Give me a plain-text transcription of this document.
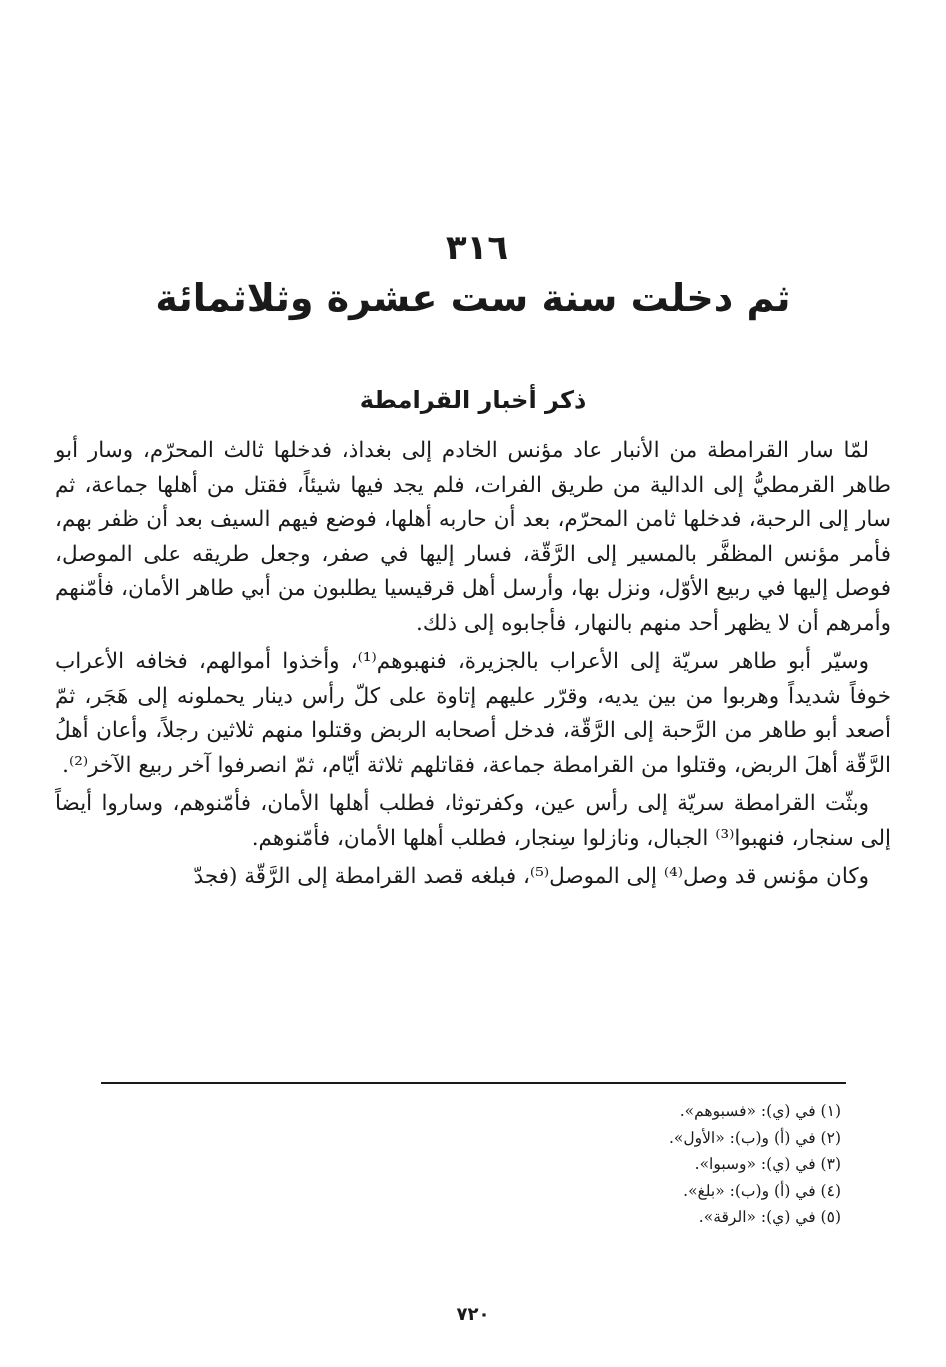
٣١٦
ثم دخلت سنة ست عشرة وثلاثمائة
ذكر أخبار القرامطة

لمّا سار القرامطة من الأنبار عاد مؤنس الخادم إلى بغداذ، فدخلها ثالث المحرّم، وسار أبو طاهر القرمطيُّ إلى الدالية من طريق الفرات، فلم يجد فيها شيئاً، فقتل من أهلها جماعة، ثم سار إلى الرحبة، فدخلها ثامن المحرّم، بعد أن حاربه أهلها، فوضع فيهم السيف بعد أن ظفر بهم، فأمر مؤنس المظفَّر بالمسير إلى الرَّقّة، فسار إليها في صفر، وجعل طريقه على الموصل، فوصل إليها في ربيع الأوّل، ونزل بها، وأرسل أهل قرقيسيا يطلبون من أبي طاهر الأمان، فأمّنهم وأمرهم أن لا يظهر أحد منهم بالنهار، فأجابوه إلى ذلك.

وسيّر أبو طاهر سريّة إلى الأعراب بالجزيرة، فنهبوهم⁽¹⁾، وأخذوا أموالهم، فخافه الأعراب خوفاً شديداً وهربوا من بين يديه، وقرّر عليهم إتاوة على كلّ رأس دينار يحملونه إلى هَجَر، ثمّ أصعد أبو طاهر من الرَّحبة إلى الرَّقّة، فدخل أصحابه الربض وقتلوا منهم ثلاثين رجلاً، وأعان أهلُ الرَّقّة أهلَ الربض، وقتلوا من القرامطة جماعة، فقاتلهم ثلاثة أيّام، ثمّ انصرفوا آخر ربيع الآخر⁽²⁾.

وبثّت القرامطة سريّة إلى رأس عين، وكفرتوثا، فطلب أهلها الأمان، فأمّنوهم، وساروا أيضاً إلى سنجار، فنهبوا⁽³⁾ الجبال، ونازلوا سِنجار، فطلب أهلها الأمان، فأمّنوهم.

وكان مؤنس قد وصل⁽⁴⁾ إلى الموصل⁽⁵⁾، فبلغه قصد القرامطة إلى الرَّقّة (فجدّ

(١) في (ي): «فسبوهم».
(٢) في (أ) و(ب): «الأول».
(٣) في (ي): «وسبوا».
(٤) في (أ) و(ب): «بلغ».
(٥) في (ي): «الرقة».
٧٢٠
